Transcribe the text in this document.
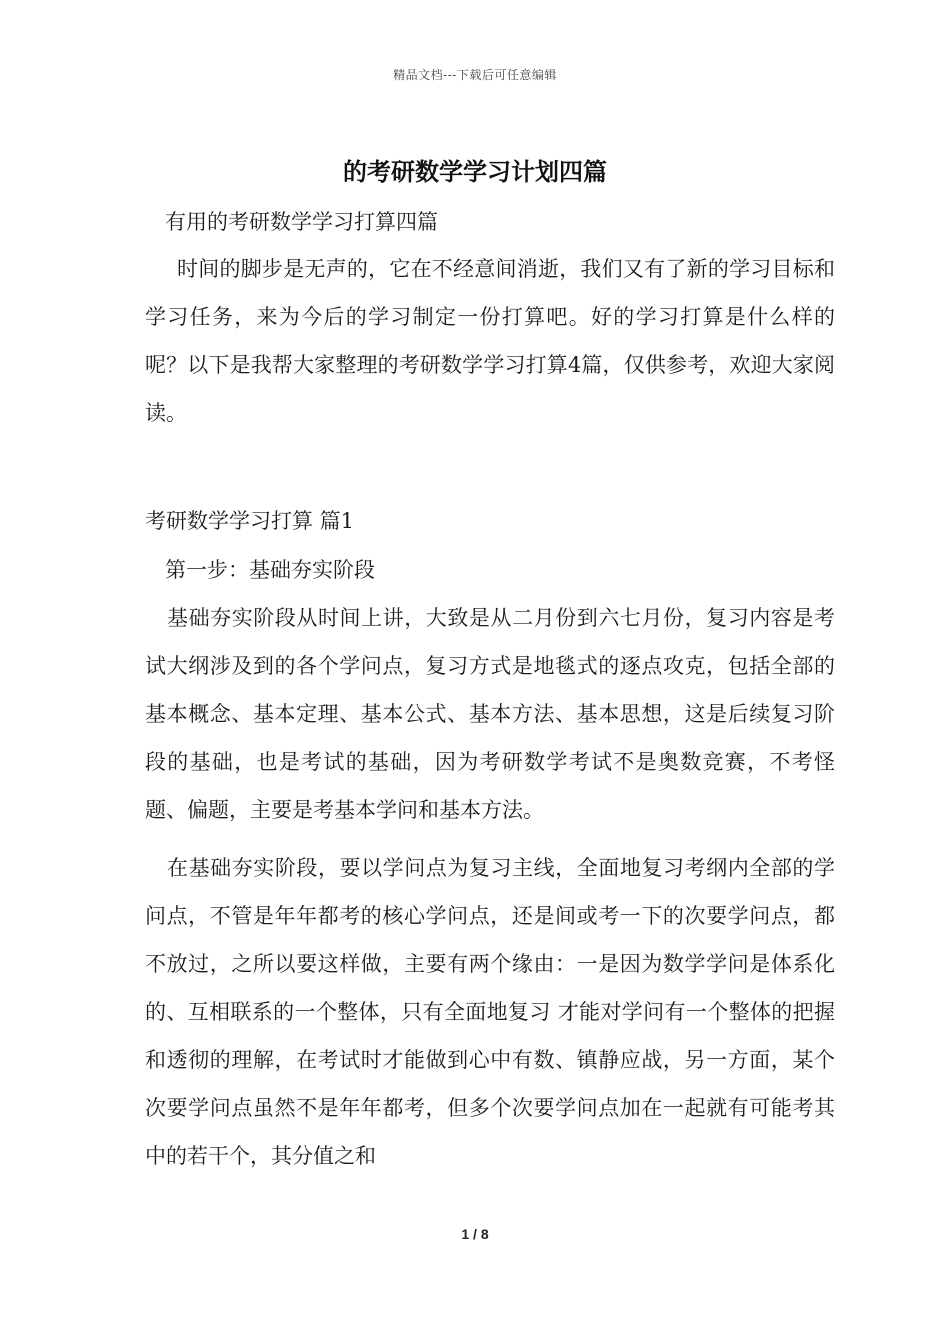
精品文档---下载后可任意编辑
的考研数学学习计划四篇
有用的考研数学学习打算四篇
时间的脚步是无声的，它在不经意间消逝，我们又有了新的学习目标和学习任务，来为今后的学习制定一份打算吧。好的学习打算是什么样的呢？以下是我帮大家整理的考研数学学习打算4篇，仅供参考，欢迎大家阅读。
考研数学学习打算 篇1
第一步：基础夯实阶段
基础夯实阶段从时间上讲，大致是从二月份到六七月份，复习内容是考试大纲涉及到的各个学问点，复习方式是地毯式的逐点攻克，包括全部的基本概念、基本定理、基本公式、基本方法、基本思想，这是后续复习阶段的基础，也是考试的基础，因为考研数学考试不是奥数竞赛，不考怪题、偏题，主要是考基本学问和基本方法。
在基础夯实阶段，要以学问点为复习主线，全面地复习考纲内全部的学问点，不管是年年都考的核心学问点，还是间或考一下的次要学问点，都不放过，之所以要这样做，主要有两个缘由：一是因为数学学问是体系化的、互相联系的一个整体，只有全面地复习 才能对学问有一个整体的把握和透彻的理解，在考试时才能做到心中有数、镇静应战，另一方面，某个次要学问点虽然不是年年都考，但多个次要学问点加在一起就有可能考其中的若干个，其分值之和
1 / 8
